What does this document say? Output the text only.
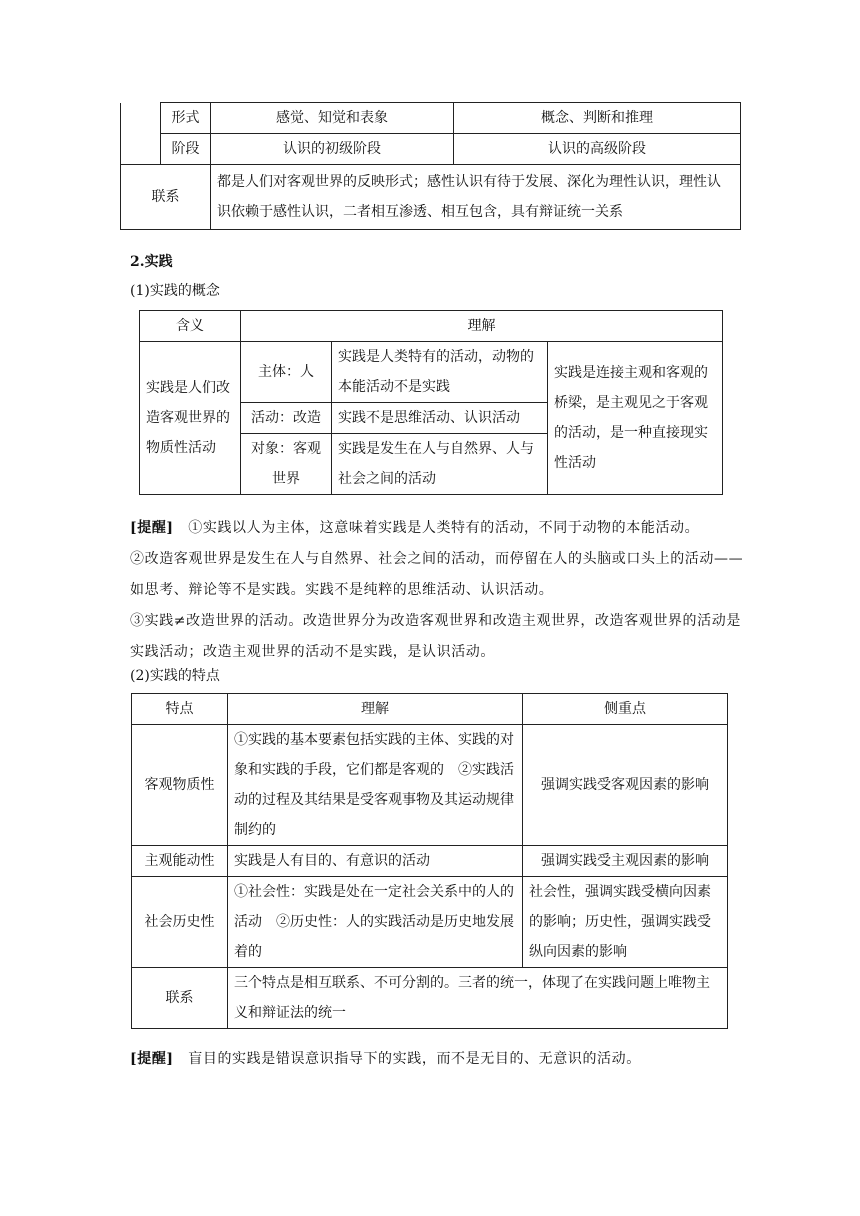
	形式	感觉、知觉和表象	概念、判断和推理
	阶段	认识的初级阶段	认识的高级阶段
联系		都是人们对客观世界的反映形式；感性认识有待于发展、深化为理性认识，理性认识依赖于感性认识，二者相互渗透、相互包含，具有辩证统一关系	

2.实践

(1)实践的概念

含义	理解		
实践是人们改造客观世界的物质性活动	主体：人	实践是人类特有的活动，动物的本能活动不是实践	实践是连接主观和客观的桥梁，是主观见之于客观的活动，是一种直接现实性活动
	活动：改造	实践不是思维活动、认识活动	
	对象：客观世界	实践是发生在人与自然界、人与社会之间的活动	

[提醒]　①实践以人为主体，这意味着实践是人类特有的活动，不同于动物的本能活动。

②改造客观世界是发生在人与自然界、社会之间的活动，而停留在人的头脑或口头上的活动——如思考、辩论等不是实践。实践不是纯粹的思维活动、认识活动。

③实践≠改造世界的活动。改造世界分为改造客观世界和改造主观世界，改造客观世界的活动是实践活动；改造主观世界的活动不是实践，是认识活动。

(2)实践的特点

特点	理解	侧重点
客观物质性	①实践的基本要素包括实践的主体、实践的对象和实践的手段，它们都是客观的　②实践活动的过程及其结果是受客观事物及其运动规律制约的	强调实践受客观因素的影响
主观能动性	实践是人有目的、有意识的活动	强调实践受主观因素的影响
社会历史性	①社会性：实践是处在一定社会关系中的人的活动　②历史性：人的实践活动是历史地发展着的	社会性，强调实践受横向因素的影响；历史性，强调实践受纵向因素的影响
联系	三个特点是相互联系、不可分割的。三者的统一，体现了在实践问题上唯物主义和辩证法的统一	

[提醒]　盲目的实践是错误意识指导下的实践，而不是无目的、无意识的活动。
